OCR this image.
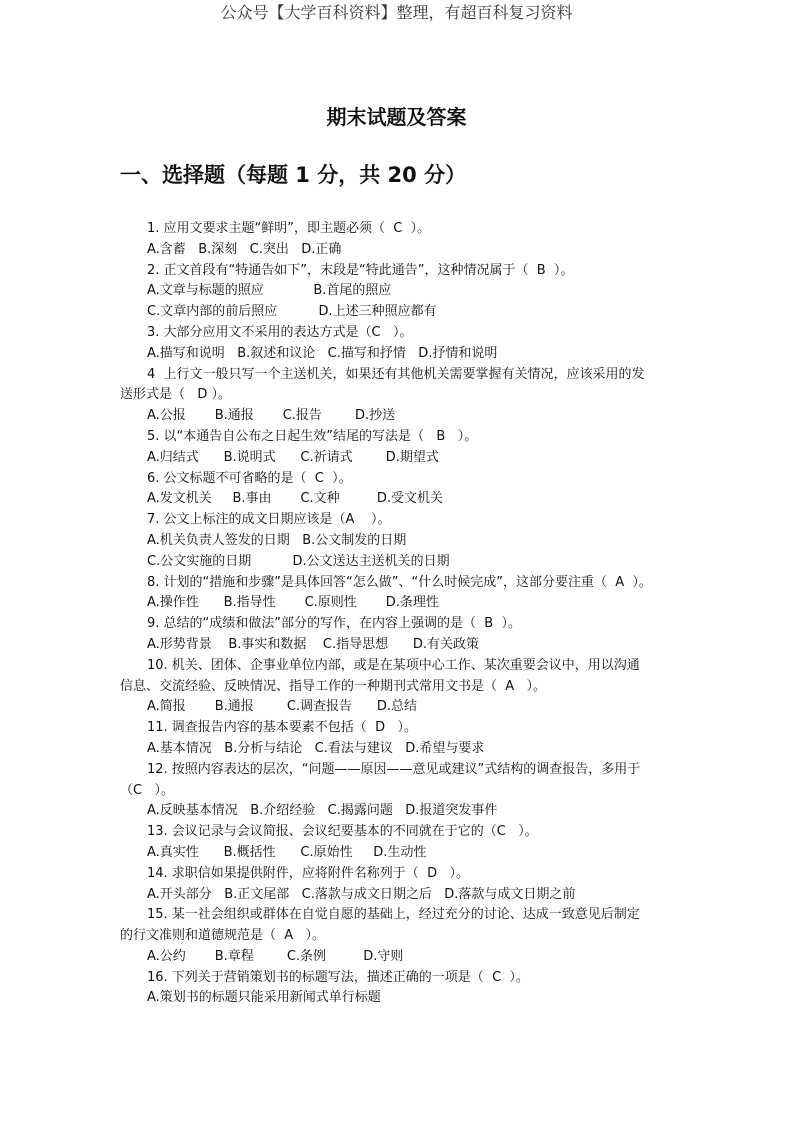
公众号【大学百科资料】整理，有超百科复习资料
期末试题及答案
一、选择题（每题 1 分，共 20 分）
1. 应用文要求主题“鲜明”，即主题必须（  C  ）。
A.含蓄   B.深刻   C.突出   D.正确
2. 正文首段有“特通告如下”，末段是“特此通告”，这种情况属于（  B  ）。
A.文章与标题的照应            B.首尾的照应
C.文章内部的前后照应          D.上述三种照应都有
3. 大部分应用文不采用的表达方式是（C   ）。
A.描写和说明   B.叙述和议论   C.描写和抒情   D.抒情和说明
4  上行文一般只写一个主送机关，如果还有其他机关需要掌握有关情况，应该采用的发
送形式是（   D ）。
A.公报       B.通报       C.报告        D.抄送
5. 以“本通告自公布之日起生效”结尾的写法是（   B   ）。
A.归结式      B.说明式      C.祈请式        D.期望式
6. 公文标题不可省略的是（  C  ）。
A.发文机关     B.事由       C.文种         D.受文机关
7. 公文上标注的成文日期应该是（A    ）。
A.机关负责人签发的日期   B.公文制发的日期
C.公文实施的日期          D.公文送达主送机关的日期
8. 计划的“措施和步骤”是具体回答“怎么做”、“什么时候完成”，这部分要注重（  A  ）。
A.操作性      B.指导性       C.原则性       D.条理性
9. 总结的“成绩和做法”部分的写作，在内容上强调的是（  B  ）。
A.形势背景    B.事实和数据    C.指导思想      D.有关政策
10. 机关、团体、企事业单位内部，或是在某项中心工作、某次重要会议中，用以沟通
信息、交流经验、反映情况、指导工作的一种期刊式常用文书是（  A   ）。
A.简报       B.通报        C.调查报告      D.总结
11. 调查报告内容的基本要素不包括（  D   ）。
A.基本情况   B.分析与结论   C.看法与建议   D.希望与要求
12. 按照内容表达的层次，“问题——原因——意见或建议”式结构的调查报告，多用于
（C   ）。
A.反映基本情况   B.介绍经验   C.揭露问题   D.报道突发事件
13. 会议记录与会议简报、会议纪要基本的不同就在于它的（C   ）。
A.真实性      B.概括性      C.原始性     D.生动性
14. 求职信如果提供附件，应将附件名称列于（  D   ）。
A.开头部分   B.正文尾部   C.落款与成文日期之后   D.落款与成文日期之前
15. 某一社会组织或群体在自觉自愿的基础上，经过充分的讨论、达成一致意见后制定
的行文准则和道德规范是（  A   ）。
A.公约       B.章程        C.条例         D.守则
16. 下列关于营销策划书的标题写法，描述正确的一项是（  C  ）。
A.策划书的标题只能采用新闻式单行标题
